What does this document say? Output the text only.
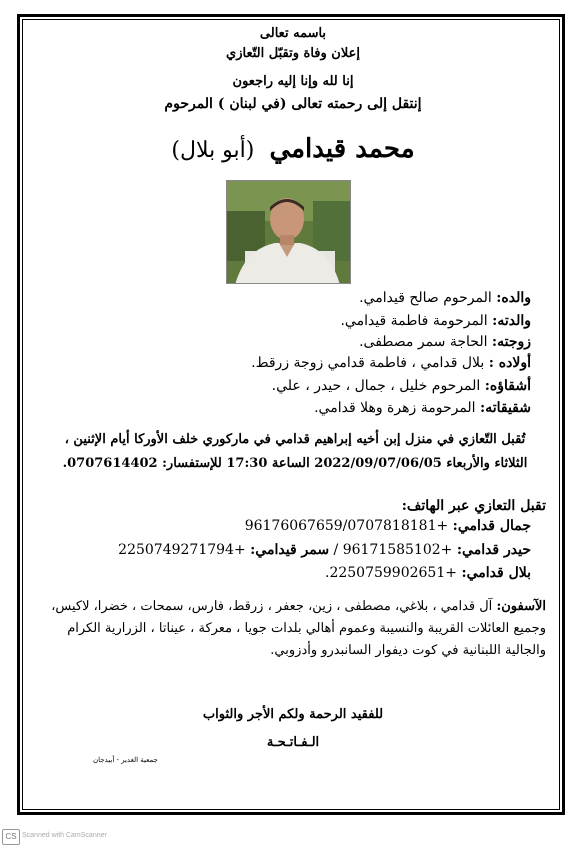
باسمه تعالى
إعلان وفاة وتقبّل التّعازي
إنا لله وإنا إليه راجعون
إنتقل إلى رحمته تعالى (في لبنان ) المرحوم
محمد قيدامي (أبو بلال)
والده: المرحوم صالح قيدامي.
والدته: المرحومة فاطمة قيدامي.
زوجته: الحاجة سمر مصطفى.
أولاده : بلال قدامي ، فاطمة قدامي زوجة زرقط.
أشقاؤه: المرحوم خليل ، جمال ، حيدر ، علي.
شقيقاته: المرحومة زهرة وهلا قدامي.
تُقبل التّعازي في منزل إبن أخيه إبراهيم قدامي في ماركوري خلف الأوركا أيام الإثنين ،
الثلاثاء والأربعاء 2022/09/07/06/05 الساعة 17:30 للإستفسار: 0707614402.
تقبل التعازي عبر الهاتف:
جمال قدامي: +96176067659/0707818181
حيدر قدامي: +96171585102 / سمر قيدامي: +2250749271794
بلال قدامي: +2250759902651.
الآسفون: آل قدامي ، بلاغي، مصطفى ، زين، جعفر ، زرقط، فارس، سمحات ، خضرا، لاكيس، وجميع العائلات القريبة والنسيبة وعموم أهالي بلدات جويا ، معركة ، عيناتا ، الزرارية الكرام والجالية اللبنانية في كوت ديفوار السانبدرو وأدزوبي.
للفقيد الرحمة ولكم الأجر والثواب
الـفـاتـحـة
جمعية الغدير - أبيدجان
CS Scanned with CamScanner
